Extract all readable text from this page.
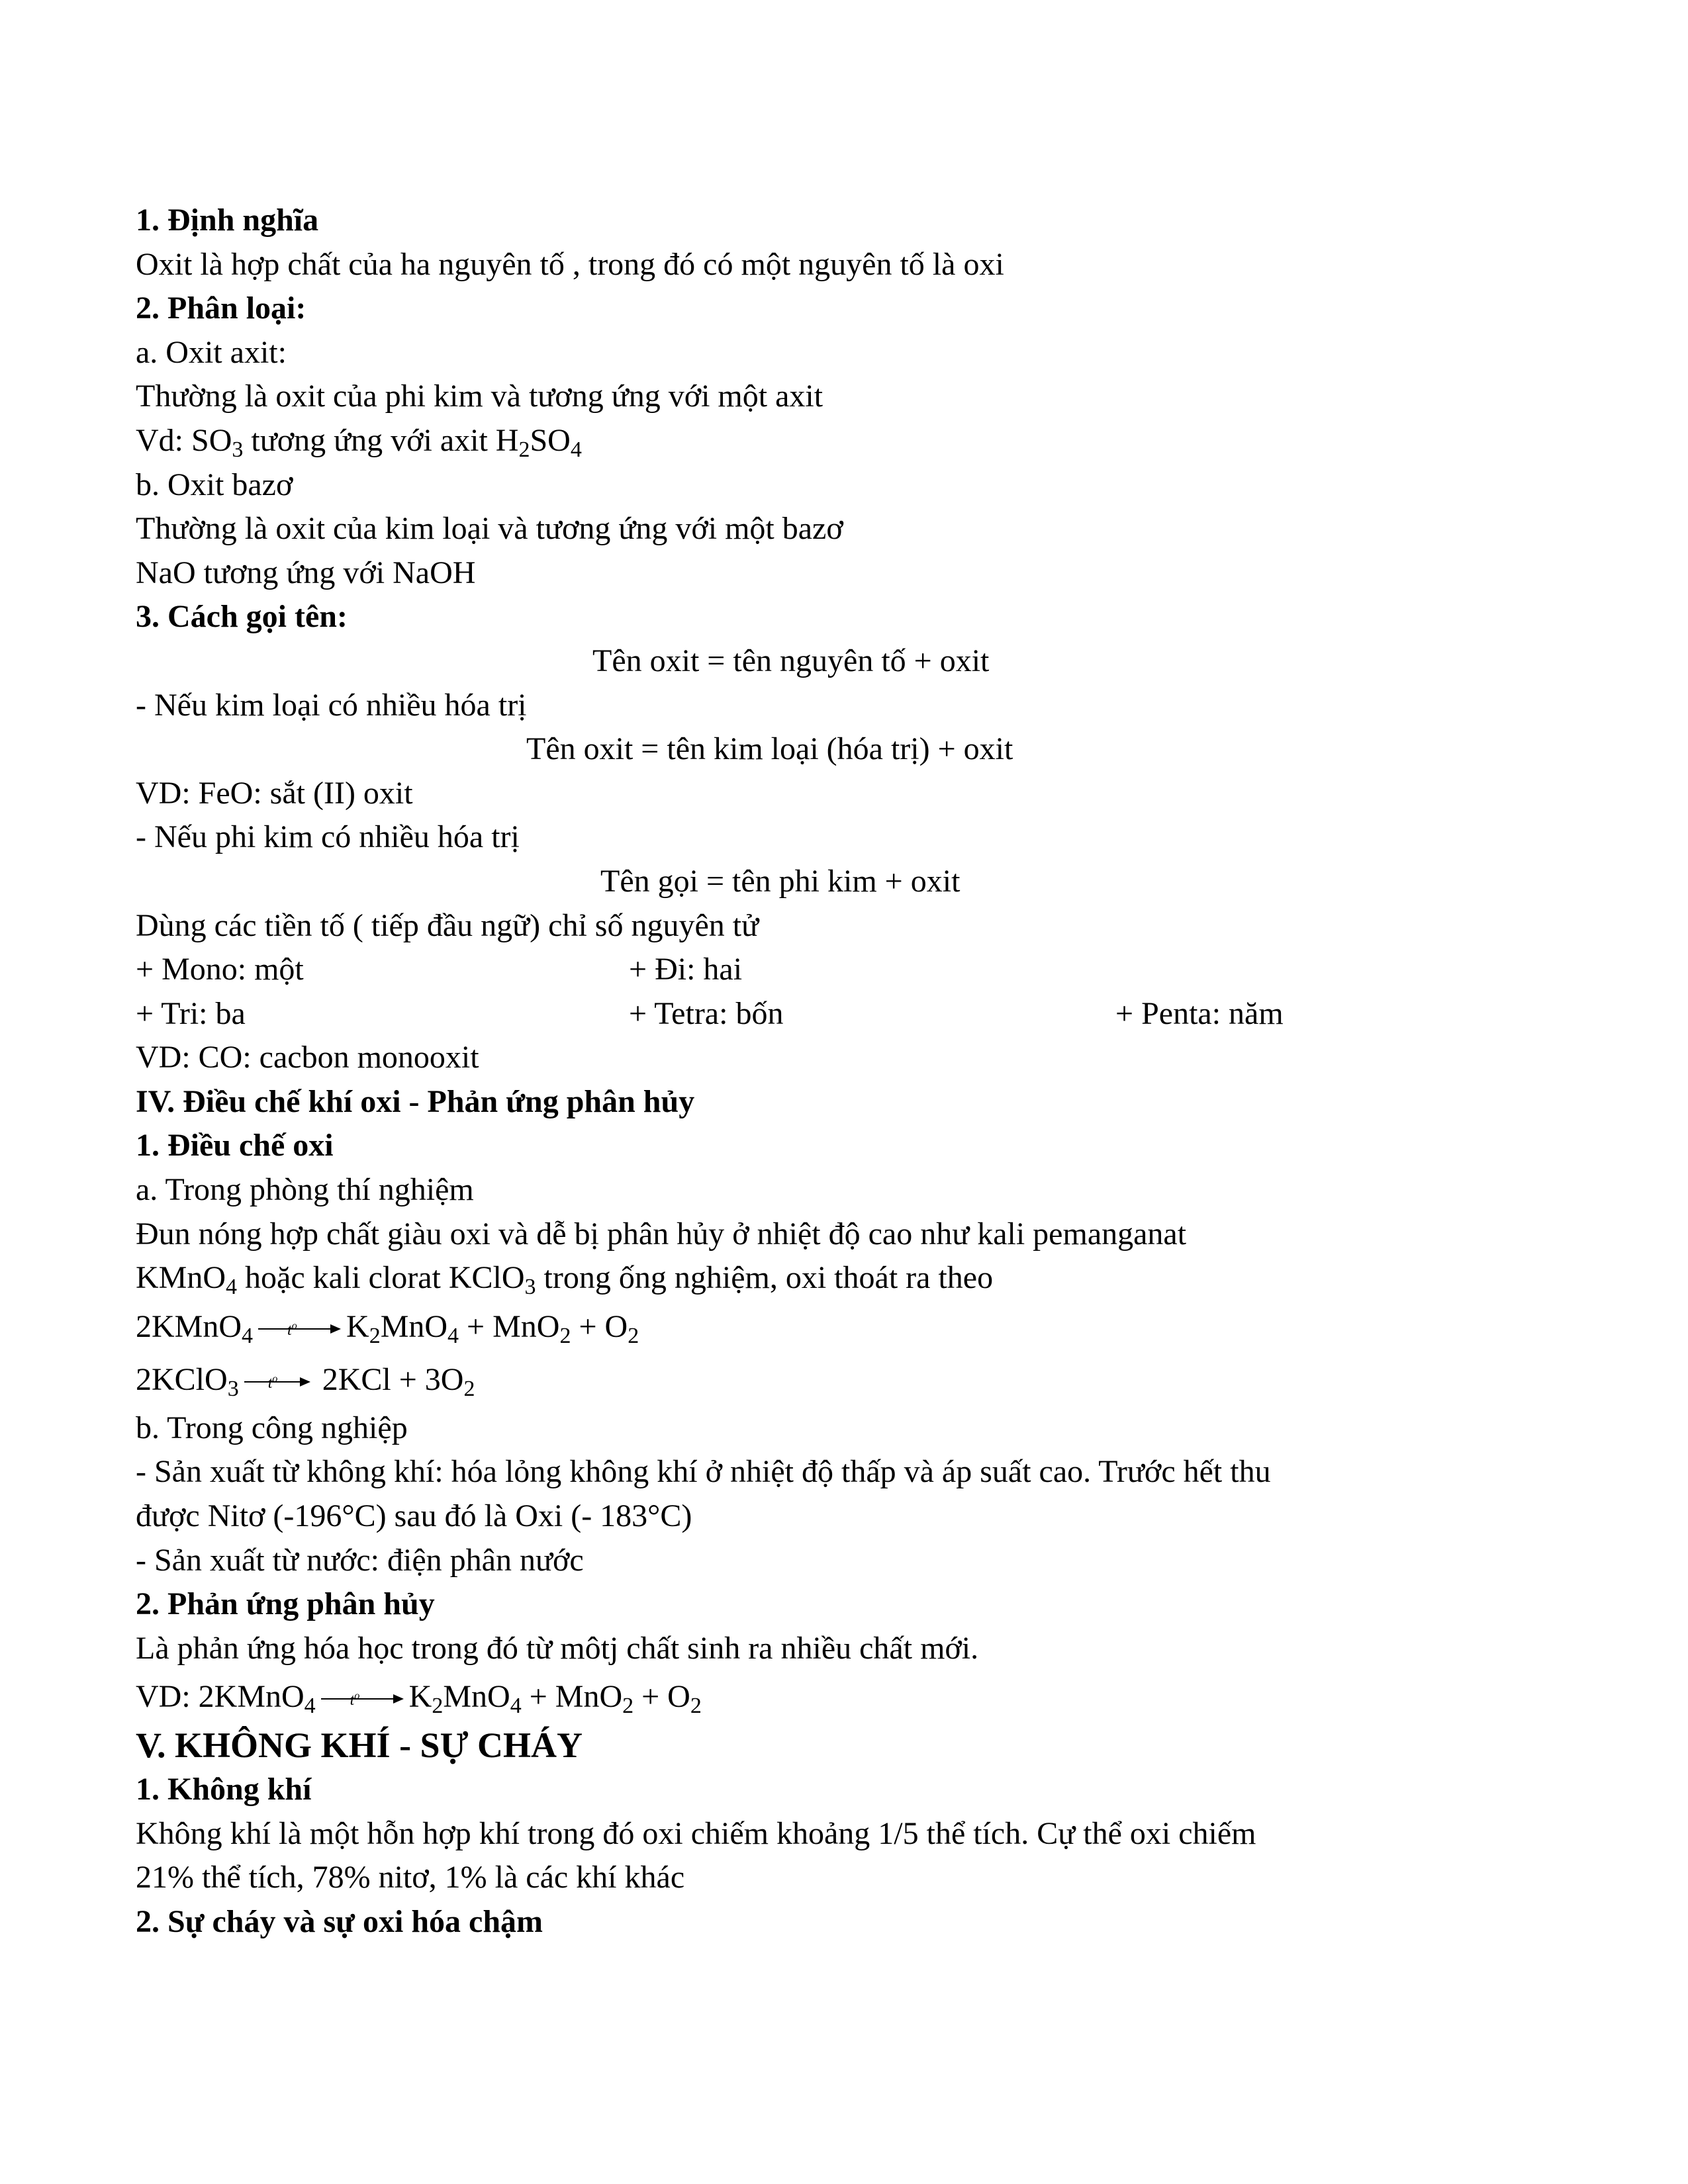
1. Định nghĩa
Oxit là hợp chất của ha nguyên tố , trong đó có một nguyên tố là oxi
2. Phân loại:
a. Oxit axit:
Thường là oxit của phi kim và tương ứng với một axit
Vd: $SO_3$ tương ứng với axit $H_2SO_4$
b. Oxit bazơ
Thường là oxit của kim loại và tương ứng với một bazơ
NaO tương ứng với NaOH
3. Cách gọi tên:
Tên oxit = tên nguyên tố + oxit
- Nếu kim loại có nhiều hóa trị
Tên oxit = tên kim loại (hóa trị) + oxit
VD: FeO: sắt (II) oxit
- Nếu phi kim có nhiều hóa trị
Tên gọi = tên phi kim + oxit
Dùng các tiền tố ( tiếp đầu ngữ) chỉ số nguyên tử
+ Mono: một	+ Đi: hai
+ Tri: ba	+ Tetra: bốn	+ Penta: năm
VD: CO: cacbon monooxit
IV. Điều chế khí oxi - Phản ứng phân hủy
1. Điều chế oxi
a. Trong phòng thí nghiệm
Đun nóng hợp chất giàu oxi và dễ bị phân hủy ở nhiệt độ cao như kali pemanganat
KMnO$_4$ hoặc kali clorat KClO$_3$ trong ống nghiệm, oxi thoát ra theo
2KMnO$_4$ $t^o$ $K_2MnO_4 + MnO_2 + O_2$
2KClO$_3$ $t^o$ $2KCl + 3O_2$
b. Trong công nghiệp
- Sản xuất từ không khí: hóa lỏng không khí ở nhiệt độ thấp và áp suất cao. Trước hết thu
được Nitơ (-196°C) sau đó là Oxi (- 183°C)
- Sản xuất từ nước: điện phân nước
2. Phản ứng phân hủy
Là phản ứng hóa học trong đó từ môtj chất sinh ra nhiều chất mới.
VD: 2KMnO$_4$ $t^o$ $K_2MnO_4 + MnO_2 + O_2$
V. KHÔNG KHÍ - SỰ CHÁY
1. Không khí
Không khí là một hỗn hợp khí trong đó oxi chiếm khoảng 1/5 thể tích. Cự thể oxi chiếm
21% thể tích, 78% nitơ, 1% là các khí khác
2. Sự cháy và sự oxi hóa chậm
